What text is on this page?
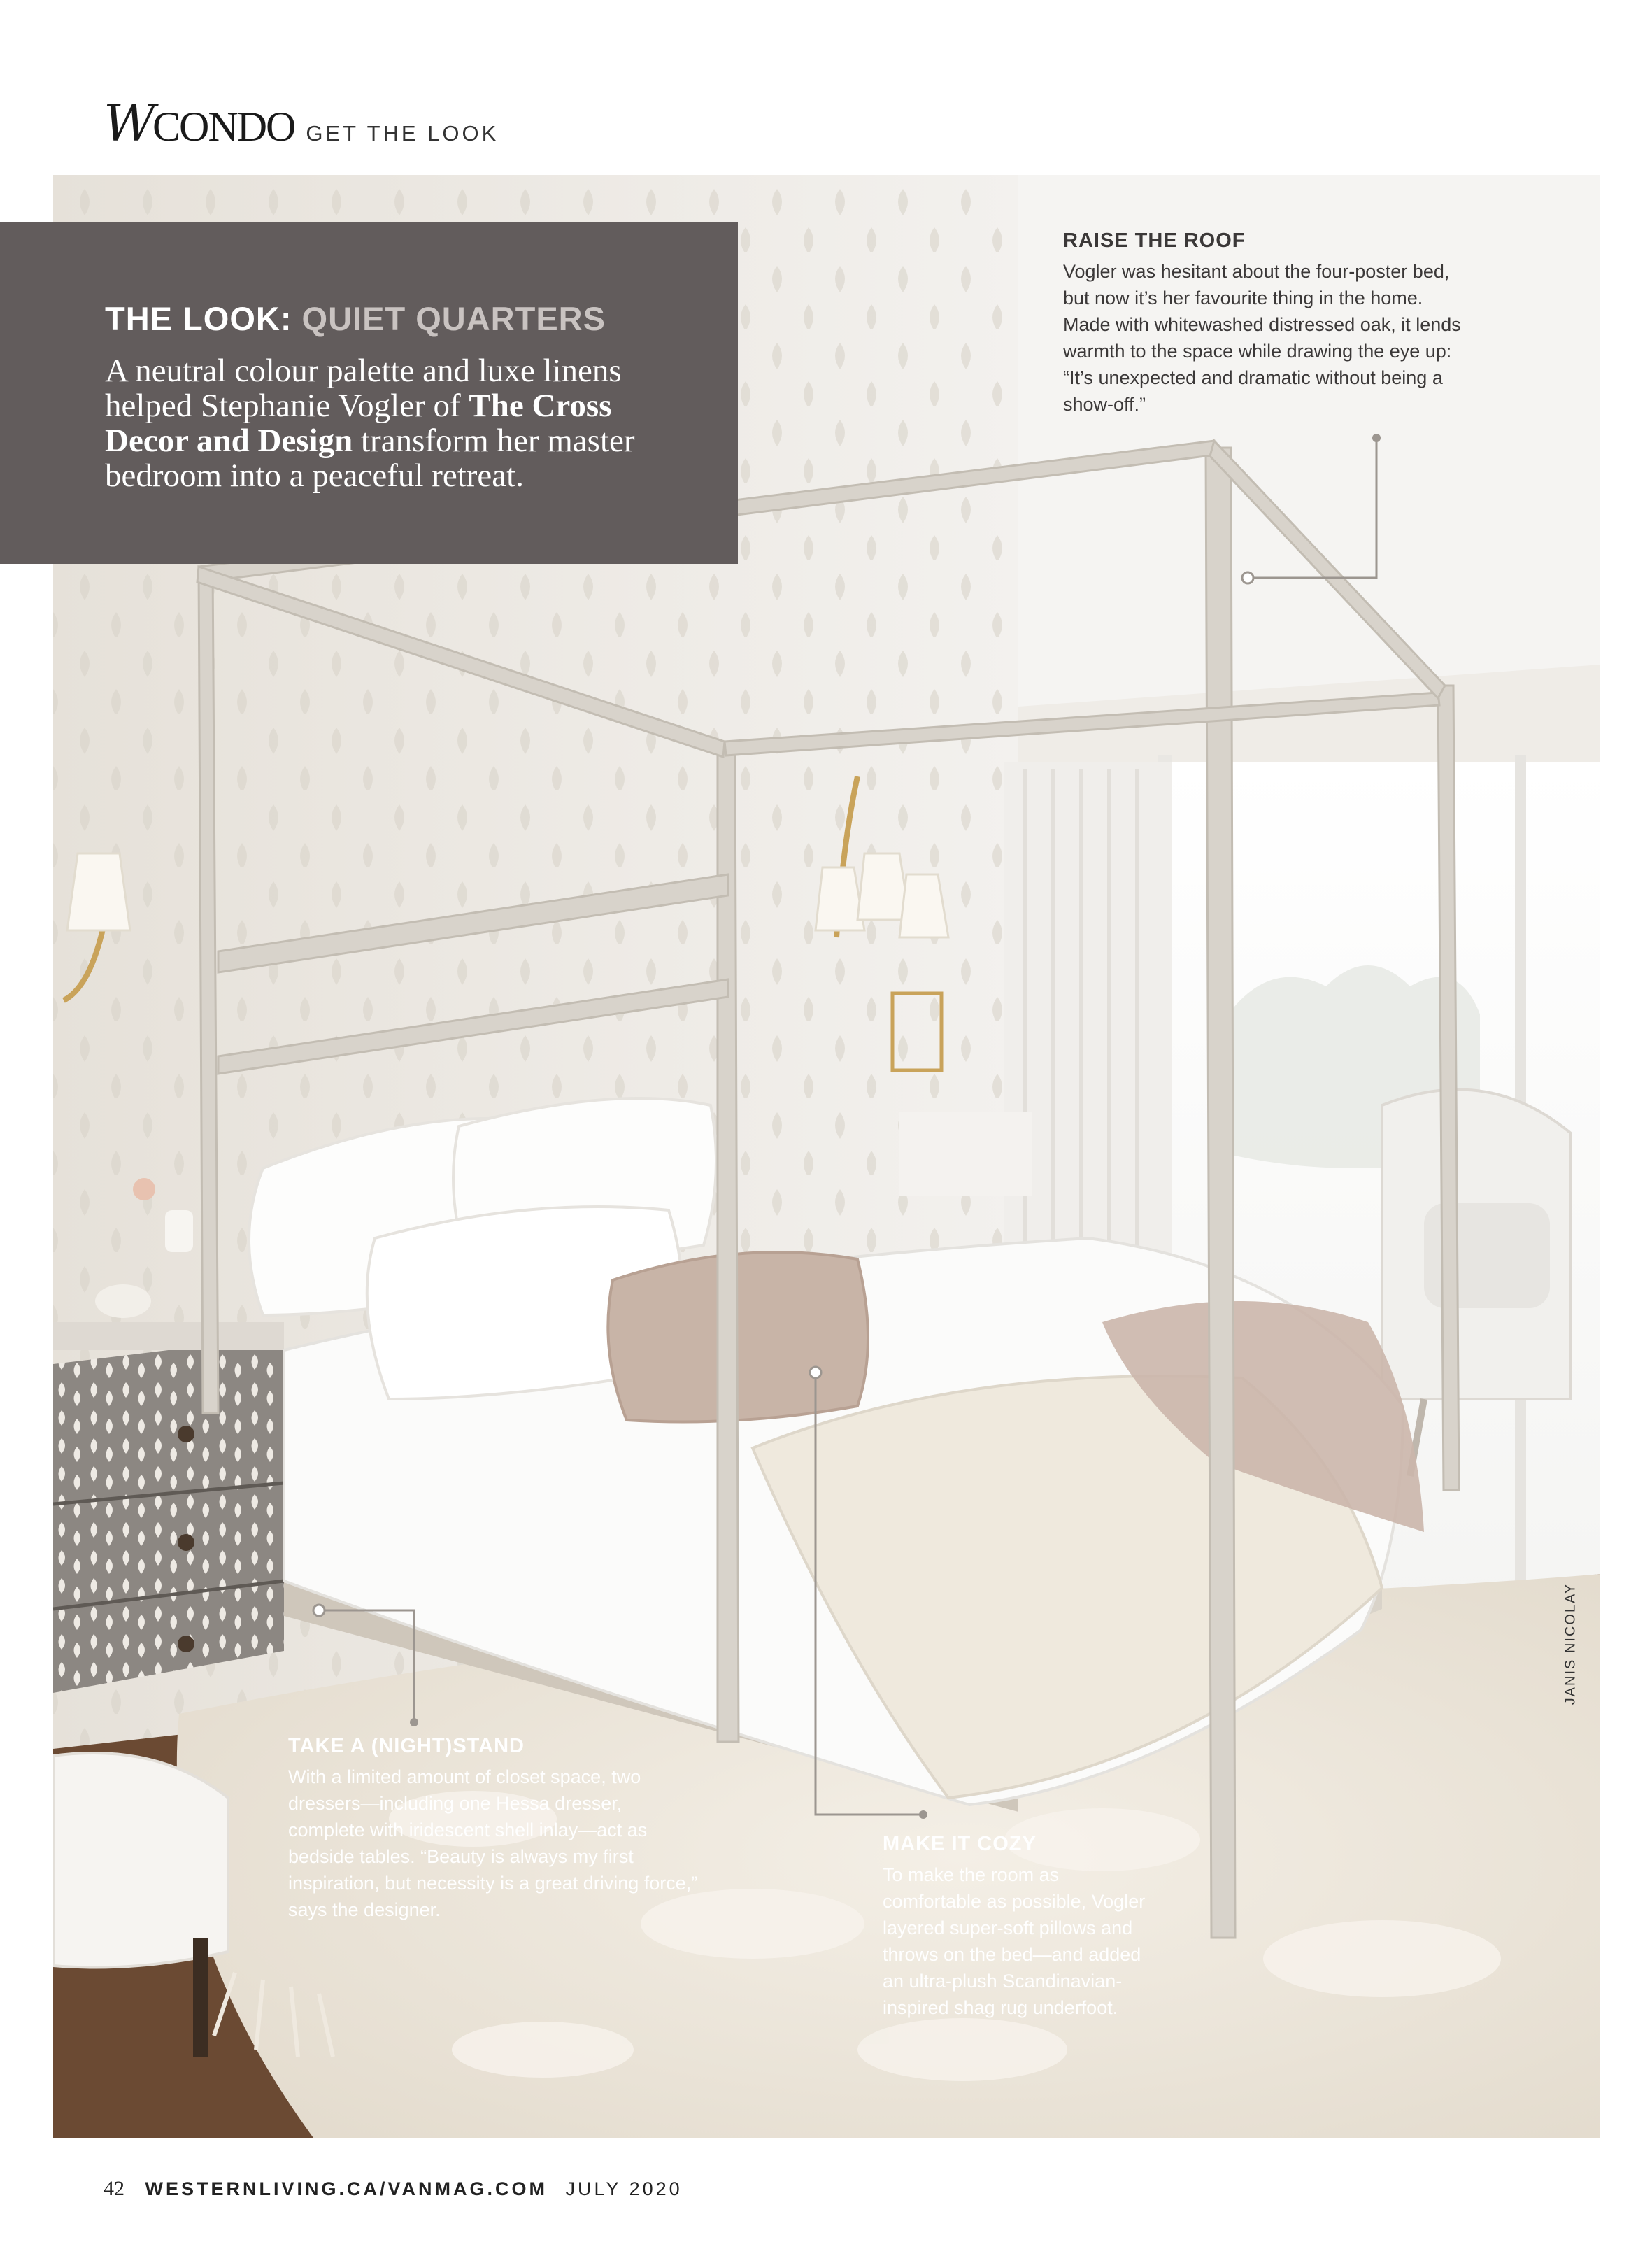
W CONDO GET THE LOOK

THE LOOK: QUIET QUARTERS

A neutral colour palette and luxe linens helped Stephanie Vogler of The Cross Decor and Design transform her master bedroom into a peaceful retreat.

RAISE THE ROOF

Vogler was hesitant about the four-poster bed, but now it’s her favourite thing in the home. Made with whitewashed distressed oak, it lends warmth to the space while drawing the eye up: “It’s unexpected and dramatic without being a show-off.”

TAKE A (NIGHT)STAND

With a limited amount of closet space, two dressers—including one Hessa dresser, complete with iridescent shell inlay—act as bedside tables. “Beauty is always my first inspiration, but necessity is a great driving force,” says the designer.

MAKE IT COZY

To make the room as comfortable as possible, Vogler layered super-soft pillows and throws on the bed—and added an ultra-plush Scandinavian-inspired shag rug underfoot.

JANIS NICOLAY
42 WESTERNLIVING.CA/VANMAG.COM JULY 2020
